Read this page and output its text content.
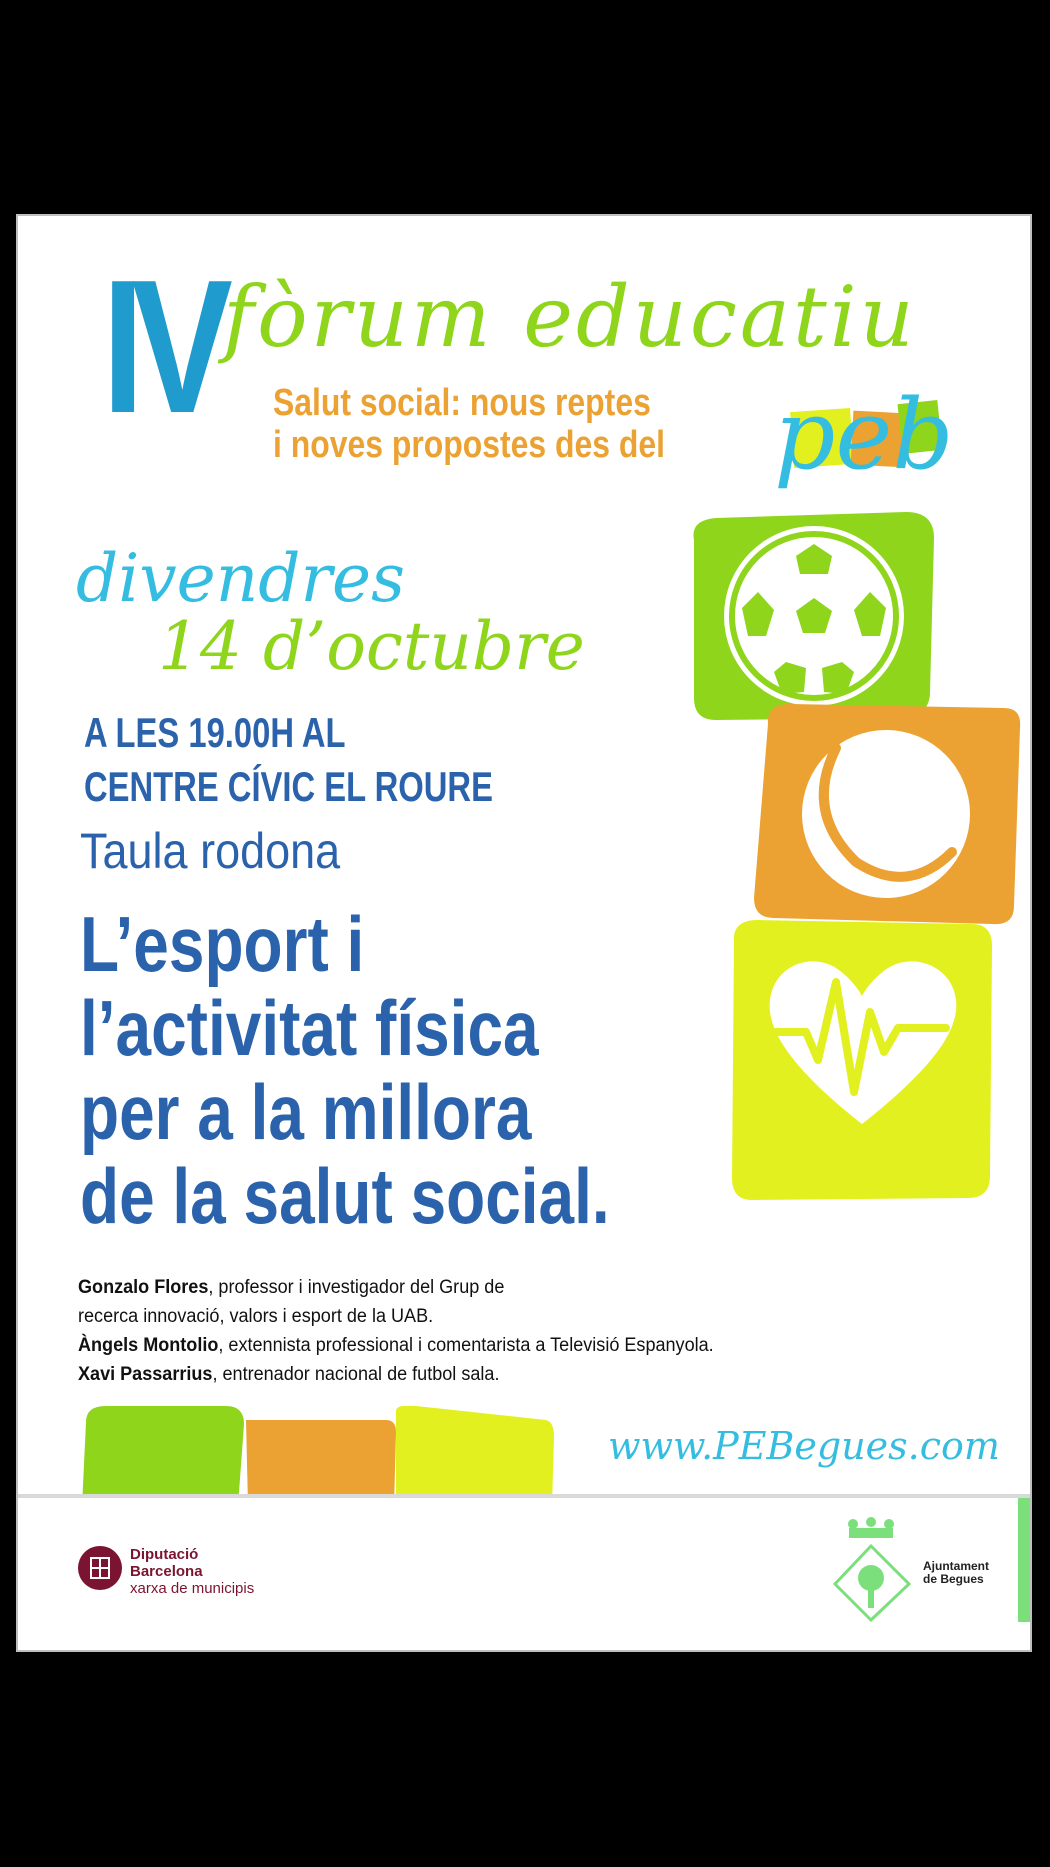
IV fòrum educatiu
Salut social: nous reptes
i noves propostes des del peb
divendres
14 d’octubre
A LES 19.00H AL
CENTRE CÍVIC EL ROURE
Taula rodona
L’esport i
l’activitat física
per a la millora
de la salut social.
Gonzalo Flores, professor i investigador del Grup de
recerca innovació, valors i esport de la UAB.
Àngels Montolio, extennista professional i comentarista a Televisió Espanyola.
Xavi Passarrius, entrenador nacional de futbol sala.
www.PEBegues.com
Diputació
Barcelona
xarxa de municipis
Ajuntament
de Begues
